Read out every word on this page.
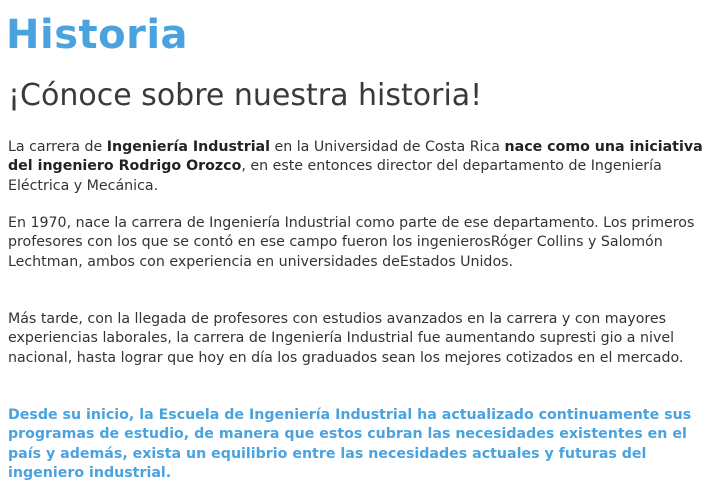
Historia
¡Cónoce sobre nuestra historia!

La carrera de Ingeniería Industrial en la Universidad de Costa Rica nace como una iniciativa del ingeniero Rodrigo Orozco, en este entonces director del departamento de Ingeniería Eléctrica y Mecánica.

En 1970, nace la carrera de Ingeniería Industrial como parte de ese departamento. Los primeros profesores con los que se contó en ese campo fueron los ingenierosRóger Collins y Salomón Lechtman, ambos con experiencia en universidades deEstados Unidos.

Más tarde, con la llegada de profesores con estudios avanzados en la carrera y con mayores experiencias laborales, la carrera de Ingeniería Industrial fue aumentando supresti gio a nivel nacional, hasta lograr que hoy en día los graduados sean los mejores cotizados en el mercado.

Desde su inicio, la Escuela de Ingeniería Industrial ha actualizado continuamente sus programas de estudio, de manera que estos cubran las necesidades existentes en el país y además, exista un equilibrio entre las necesidades actuales y futuras del ingeniero industrial.
